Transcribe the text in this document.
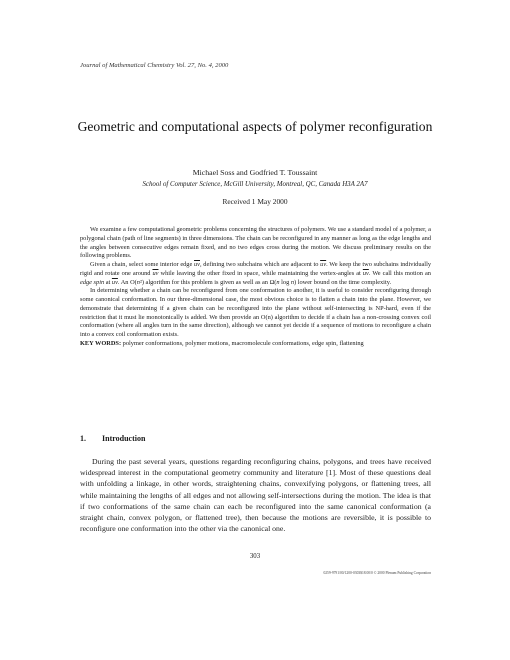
Journal of Mathematical Chemistry Vol. 27, No. 4, 2000
Geometric and computational aspects of polymer reconfiguration
Michael Soss and Godfried T. Toussaint
School of Computer Science, McGill University, Montreal, QC, Canada H3A 2A7
Received 1 May 2000

We examine a few computational geometric problems concerning the structures of polymers. We use a standard model of a polymer, a polygonal chain (path of line segments) in three dimensions. The chain can be reconfigured in any manner as long as the edge lengths and the angles between consecutive edges remain fixed, and no two edges cross during the motion. We discuss preliminary results on the following problems.

Given a chain, select some interior edge $\overline{uv}$, defining two subchains which are adjacent to $\overline{uv}$. We keep the two subchains individually rigid and rotate one around $\overline{uv}$ while leaving the other fixed in space, while maintaining the vertex-angles at $\overline{uv}$. We call this motion an edge spin at $\overline{uv}$. An O(n²) algorithm for this problem is given as well as an Ω(n log n) lower bound on the time complexity.

In determining whether a chain can be reconfigured from one conformation to another, it is useful to consider reconfiguring through some canonical conformation. In our three-dimensional case, the most obvious choice is to flatten a chain into the plane. However, we demonstrate that determining if a given chain can be reconfigured into the plane without self-intersecting is NP-hard, even if the restriction that it must lie monotonically is added. We then provide an O(n) algorithm to decide if a chain has a non-crossing convex coil conformation (where all angles turn in the same direction), although we cannot yet decide if a sequence of motions to reconfigure a chain into a convex coil conformation exists.

KEY WORDS: polymer conformations, polymer motions, macromolecule conformations, edge spin, flattening

1. Introduction

During the past several years, questions regarding reconfiguring chains, polygons, and trees have received widespread interest in the computational geometry community and literature [1]. Most of these questions deal with unfolding a linkage, in other words, straightening chains, convexifying polygons, or flattening trees, all while maintaining the lengths of all edges and not allowing self-intersections during the motion. The idea is that if two conformations of the same chain can each be reconfigured into the same canonical conformation (a straight chain, convex polygon, or flattened tree), then because the motions are reversible, it is possible to reconfigure one conformation into the other via the canonical one.

303
0259-9791/00/1200-0303$18.00/0 © 2000 Plenum Publishing Corporation
